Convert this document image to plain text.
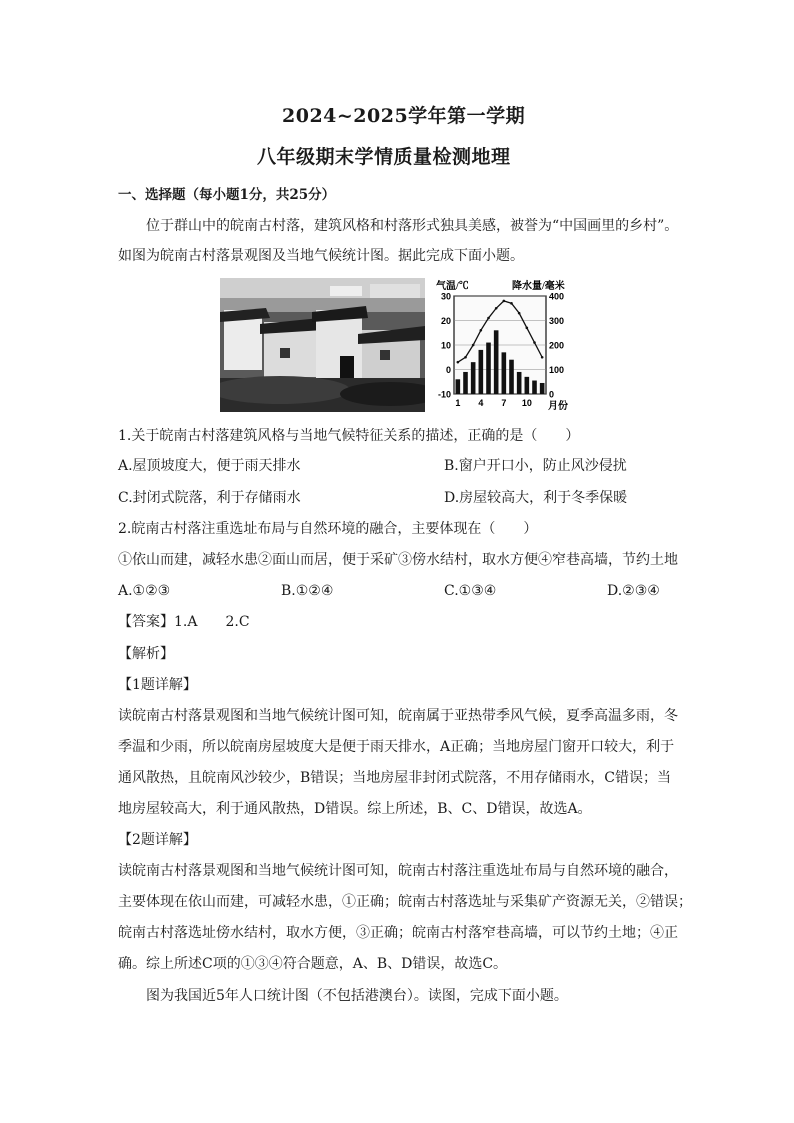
2024~2025学年第一学期
八年级期末学情质量检测地理
一、选择题（每小题1分，共25分）
位于群山中的皖南古村落，建筑风格和村落形式独具美感，被誉为“中国画里的乡村”。
如图为皖南古村落景观图及当地气候统计图。据此完成下面小题。
气温/℃	降水量/毫米
月份
30	400
20	300
10	200
0	100
-10	0
1 4 7 10
1.关于皖南古村落建筑风格与当地气候特征关系的描述，正确的是（　　）
A.屋顶坡度大，便于雨天排水	B.窗户开口小，防止风沙侵扰
C.封闭式院落，利于存储雨水	D.房屋较高大，利于冬季保暖
2.皖南古村落注重选址布局与自然环境的融合，主要体现在（　　）
①依山而建，减轻水患②面山而居，便于采矿③傍水结村，取水方便④窄巷高墙，节约土地
A.①②③	B.①②④	C.①③④	D.②③④
【答案】1.A　　2.C
【解析】
【1题详解】
读皖南古村落景观图和当地气候统计图可知，皖南属于亚热带季风气候，夏季高温多雨，冬
季温和少雨，所以皖南房屋坡度大是便于雨天排水，A正确；当地房屋门窗开口较大，利于
通风散热，且皖南风沙较少，B错误；当地房屋非封闭式院落，不用存储雨水，C错误；当
地房屋较高大，利于通风散热，D错误。综上所述，B、C、D错误，故选A。
【2题详解】
读皖南古村落景观图和当地气候统计图可知，皖南古村落注重选址布局与自然环境的融合，
主要体现在依山而建，可减轻水患，①正确；皖南古村落选址与采集矿产资源无关，②错误；
皖南古村落选址傍水结村，取水方便，③正确；皖南古村落窄巷高墙，可以节约土地；④正
确。综上所述C项的①③④符合题意，A、B、D错误，故选C。
图为我国近5年人口统计图（不包括港澳台）。读图，完成下面小题。
